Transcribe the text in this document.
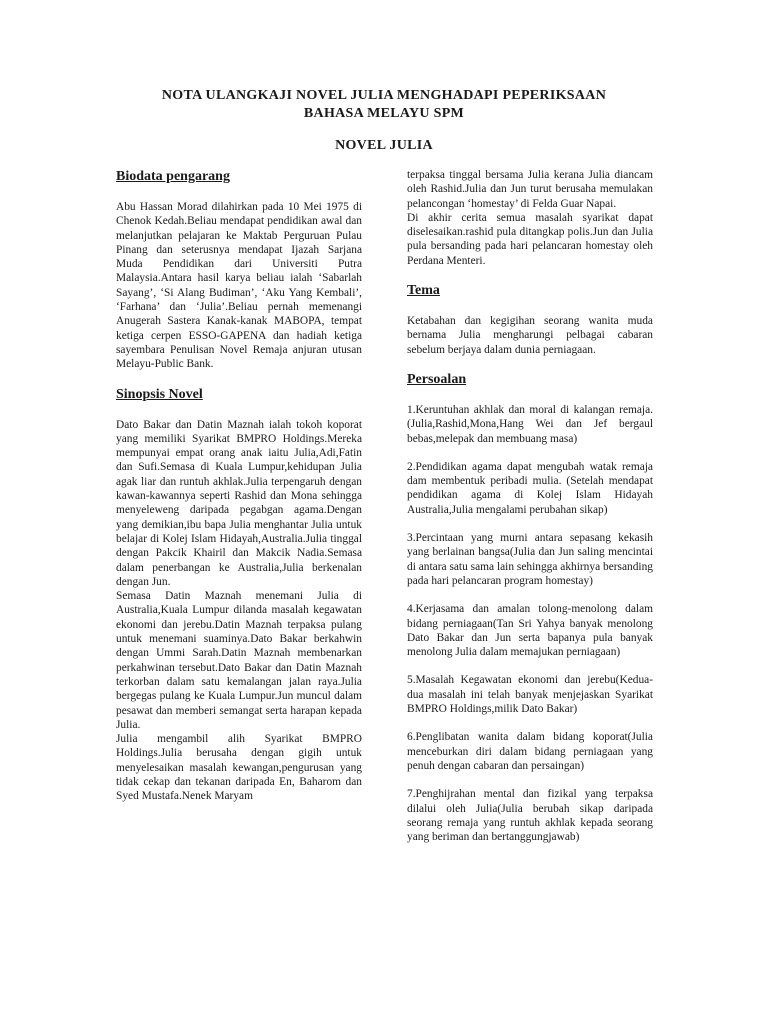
NOTA ULANGKAJI NOVEL JULIA MENGHADAPI PEPERIKSAAN
BAHASA MELAYU SPM
NOVEL JULIA
Biodata pengarang

Abu Hassan Morad dilahirkan pada 10 Mei 1975 di Chenok Kedah.Beliau mendapat pendidikan awal dan melanjutkan pelajaran ke Maktab Perguruan Pulau Pinang dan seterusnya mendapat Ijazah Sarjana Muda Pendidikan dari Universiti Putra Malaysia.Antara hasil karya beliau ialah ‘Sabarlah Sayang’, ‘Si Alang Budiman’, ‘Aku Yang Kembali’, ‘Farhana’ dan ‘Julia’.Beliau pernah memenangi Anugerah Sastera Kanak-kanak MABOPA, tempat ketiga cerpen ESSO-GAPENA dan hadiah ketiga sayembara Penulisan Novel Remaja anjuran utusan Melayu-Public Bank.

Sinopsis Novel

Dato Bakar dan Datin Maznah ialah tokoh koporat yang memiliki Syarikat BMPRO Holdings.Mereka mempunyai empat orang anak iaitu Julia,Adi,Fatin dan Sufi.Semasa di Kuala Lumpur,kehidupan Julia agak liar dan runtuh akhlak.Julia terpengaruh dengan kawan-kawannya seperti Rashid dan Mona sehingga menyeleweng daripada pegabgan agama.Dengan yang demikian,ibu bapa Julia menghantar Julia untuk belajar di Kolej Islam Hidayah,Australia.Julia tinggal dengan Pakcik Khairil dan Makcik Nadia.Semasa dalam penerbangan ke Australia,Julia berkenalan dengan Jun.

Semasa Datin Maznah menemani Julia di Australia,Kuala Lumpur dilanda masalah kegawatan ekonomi dan jerebu.Datin Maznah terpaksa pulang untuk menemani suaminya.Dato Bakar berkahwin dengan Ummi Sarah.Datin Maznah membenarkan perkahwinan tersebut.Dato Bakar dan Datin Maznah terkorban dalam satu kemalangan jalan raya.Julia bergegas pulang ke Kuala Lumpur.Jun muncul dalam pesawat dan memberi semangat serta harapan kepada Julia.

Julia mengambil alih Syarikat BMPRO Holdings.Julia berusaha dengan gigih untuk menyelesaikan masalah kewangan,pengurusan yang tidak cekap dan tekanan daripada En, Baharom dan Syed Mustafa.Nenek Maryam

terpaksa tinggal bersama Julia kerana Julia diancam oleh Rashid.Julia dan Jun turut berusaha memulakan pelancongan ‘homestay’ di Felda Guar Napai.

Di akhir cerita semua masalah syarikat dapat diselesaikan.rashid pula ditangkap polis.Jun dan Julia pula bersanding pada hari pelancaran homestay oleh Perdana Menteri.

Tema

Ketabahan dan kegigihan seorang wanita muda bernama Julia mengharungi pelbagai cabaran sebelum berjaya dalam dunia perniagaan.

Persoalan

1.Keruntuhan akhlak dan moral di kalangan remaja. (Julia,Rashid,Mona,Hang Wei dan Jef bergaul bebas,melepak dan membuang masa)

2.Pendidikan agama dapat mengubah watak remaja dam membentuk peribadi mulia. (Setelah mendapat pendidikan agama di Kolej Islam Hidayah Australia,Julia mengalami perubahan sikap)

3.Percintaan yang murni antara sepasang kekasih yang berlainan bangsa(Julia dan Jun saling mencintai di antara satu sama lain sehingga akhirnya bersanding pada hari pelancaran program homestay)

4.Kerjasama dan amalan tolong-menolong dalam bidang perniagaan(Tan Sri Yahya banyak menolong Dato Bakar dan Jun serta bapanya pula banyak menolong Julia dalam memajukan perniagaan)

5.Masalah Kegawatan ekonomi dan jerebu(Kedua-dua masalah ini telah banyak menjejaskan Syarikat BMPRO Holdings,milik Dato Bakar)

6.Penglibatan wanita dalam bidang koporat(Julia menceburkan diri dalam bidang perniagaan yang penuh dengan cabaran dan persaingan)

7.Penghijrahan mental dan fizikal yang terpaksa dilalui oleh Julia(Julia berubah sikap daripada seorang remaja yang runtuh akhlak kepada seorang yang beriman dan bertanggungjawab)
